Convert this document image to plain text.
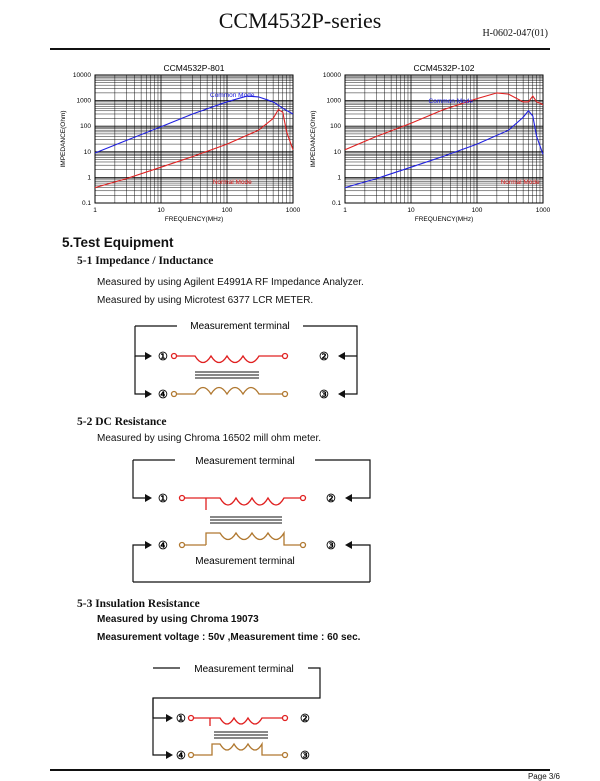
CCM4532P-series
H-0602-047(01)
1	10	100	1000
0.1
1
10
100
1000
10000
CCM4532P-801
FREQUENCY(MHz)
IMPEDANCE(Ohm)
Common Mode
Normal Mode
1	10	100	1000
0.1
1
10
100
1000
10000
CCM4532P-102
FREQUENCY(MHz)
IMPEDANCE(Ohm)
Common Mode
Normal Mode
5.Test Equipment
5-1 Impedance / Inductance
Measured by using Agilent E4991A RF Impedance Analyzer.
Measured by using Microtest 6377 LCR METER.
Measurement terminal
①	②
③
④
5-2 DC Resistance
Measured by using Chroma 16502 mill ohm meter.
Measurement terminal
Measurement terminal
①	②
③
④
5-3 Insulation Resistance
Measured by using Chroma 19073
Measurement voltage : 50v ,Measurement time : 60 sec.
Measurement terminal
①	②
③
④
Page 3/6
